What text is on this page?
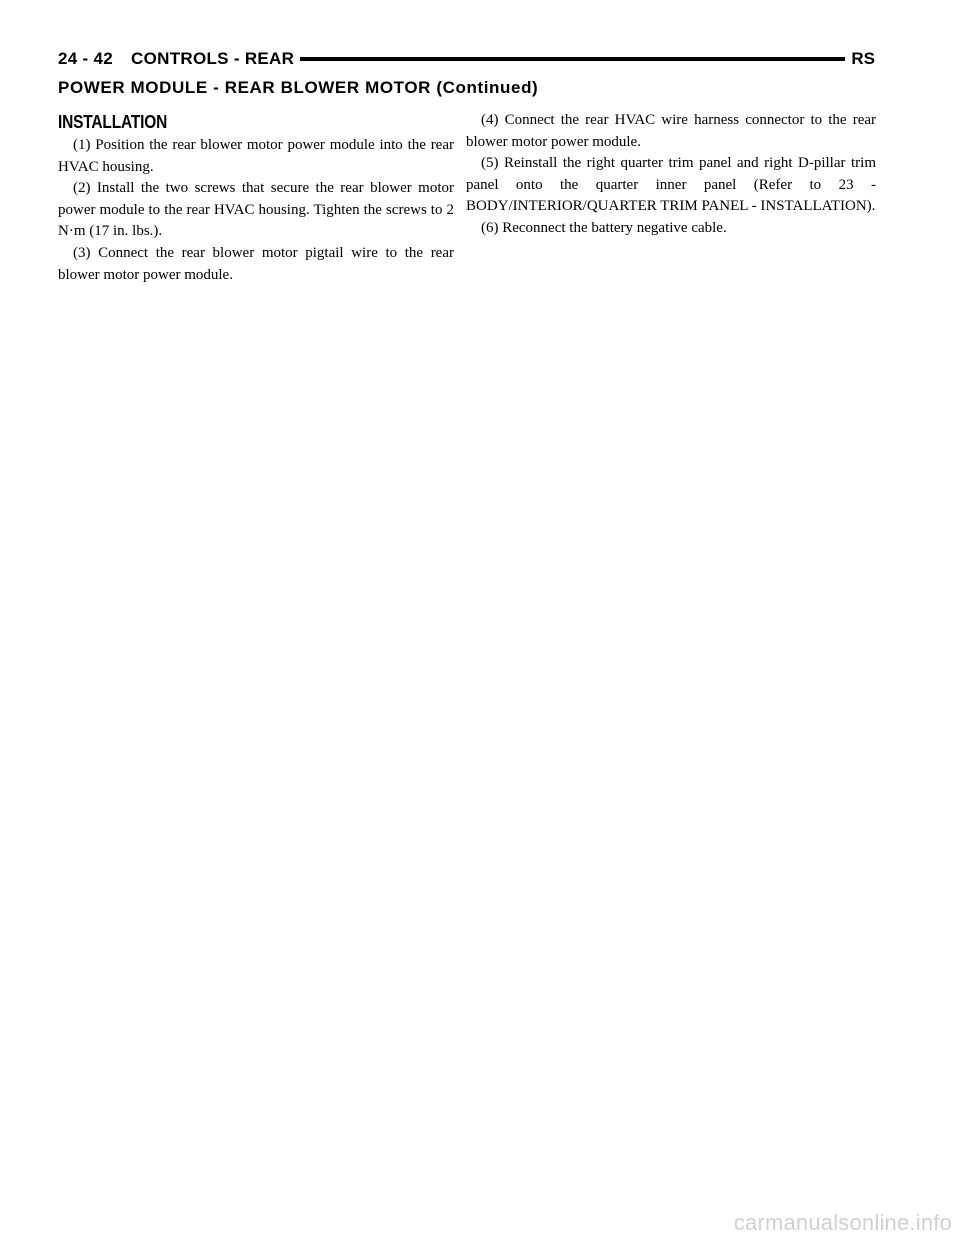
24 - 42 CONTROLS - REAR	RS
POWER MODULE - REAR BLOWER MOTOR (Continued)
INSTALLATION

(1) Position the rear blower motor power module into the rear HVAC housing.

(2) Install the two screws that secure the rear blower motor power module to the rear HVAC housing. Tighten the screws to 2 N·m (17 in. lbs.).

(3) Connect the rear blower motor pigtail wire to the rear blower motor power module.

(4) Connect the rear HVAC wire harness connector to the rear blower motor power module.

(5) Reinstall the right quarter trim panel and right D-pillar trim panel onto the quarter inner panel (Refer to 23 - BODY/INTERIOR/QUARTER TRIM PANEL - INSTALLATION).

(6) Reconnect the battery negative cable.

carmanualsonline.info
